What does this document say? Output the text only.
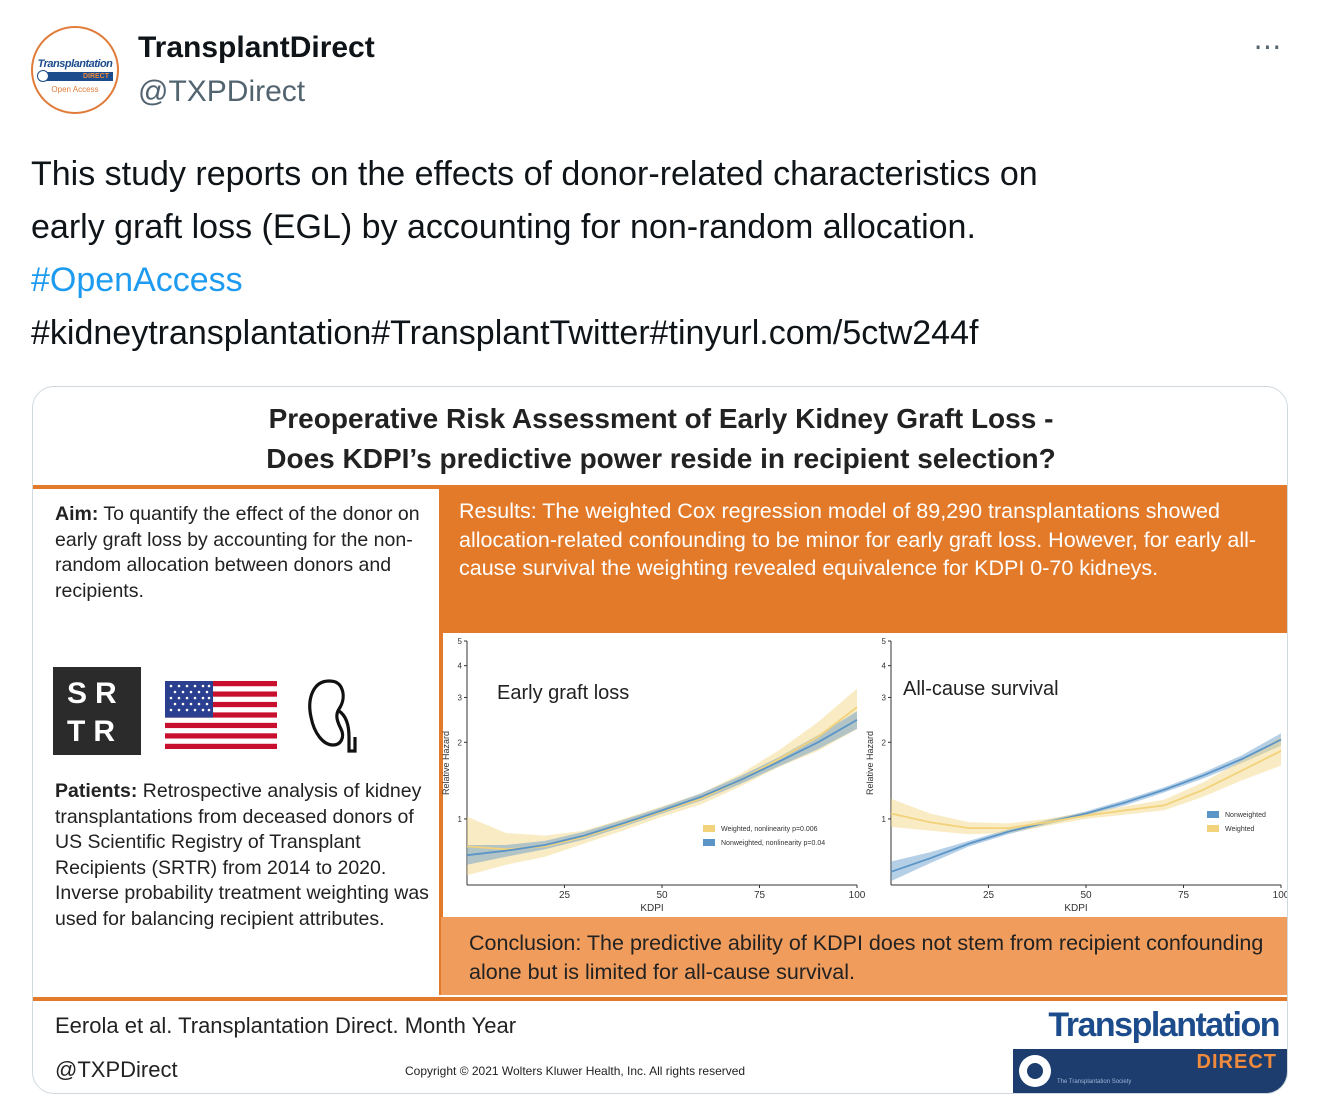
Transplantation
DIRECT
Open Access
TransplantDirect
@TXPDirect
⋯
This study reports on the effects of donor-related characteristics on
early graft loss (EGL) by accounting for non-random allocation.
#OpenAccess
#kidneytransplantation#TransplantTwitter#tinyurl.com/5ctw244f
Preoperative Risk Assessment of Early Kidney Graft Loss -
Does KDPI’s predictive power reside in recipient selection?
Aim: To quantify the effect of the donor on early graft loss by accounting for the non-random allocation between donors and recipients.
SR
TR
Patients: Retrospective analysis of kidney transplantations from deceased donors of US Scientific Registry of Transplant Recipients (SRTR) from 2014 to 2020. Inverse probability treatment weighting was used for balancing recipient attributes.
Results: The weighted Cox regression model of 89,290 transplantations showed allocation-related confounding to be minor for early graft loss. However, for early all-cause survival the weighting revealed equivalence for KDPI 0-70 kidneys.
1
2
3
4
5
25	50	75	100
KDPI
Relative Hazard
Early graft loss
Weighted, nonlinearity p=0.006
Nonweighted, nonlinearity p=0.04
1
2
3
4
5
25	50	75	100
KDPI
Relative Hazard
All-cause survival
Nonweighted
Weighted
Conclusion: The predictive ability of KDPI does not stem from recipient confounding alone but is limited for all-cause survival.
Eerola et al. Transplantation Direct. Month Year
@TXPDirect	Copyright © 2021 Wolters Kluwer Health, Inc. All rights reserved
Transplantation
DIRECT
The Transplantation Society
